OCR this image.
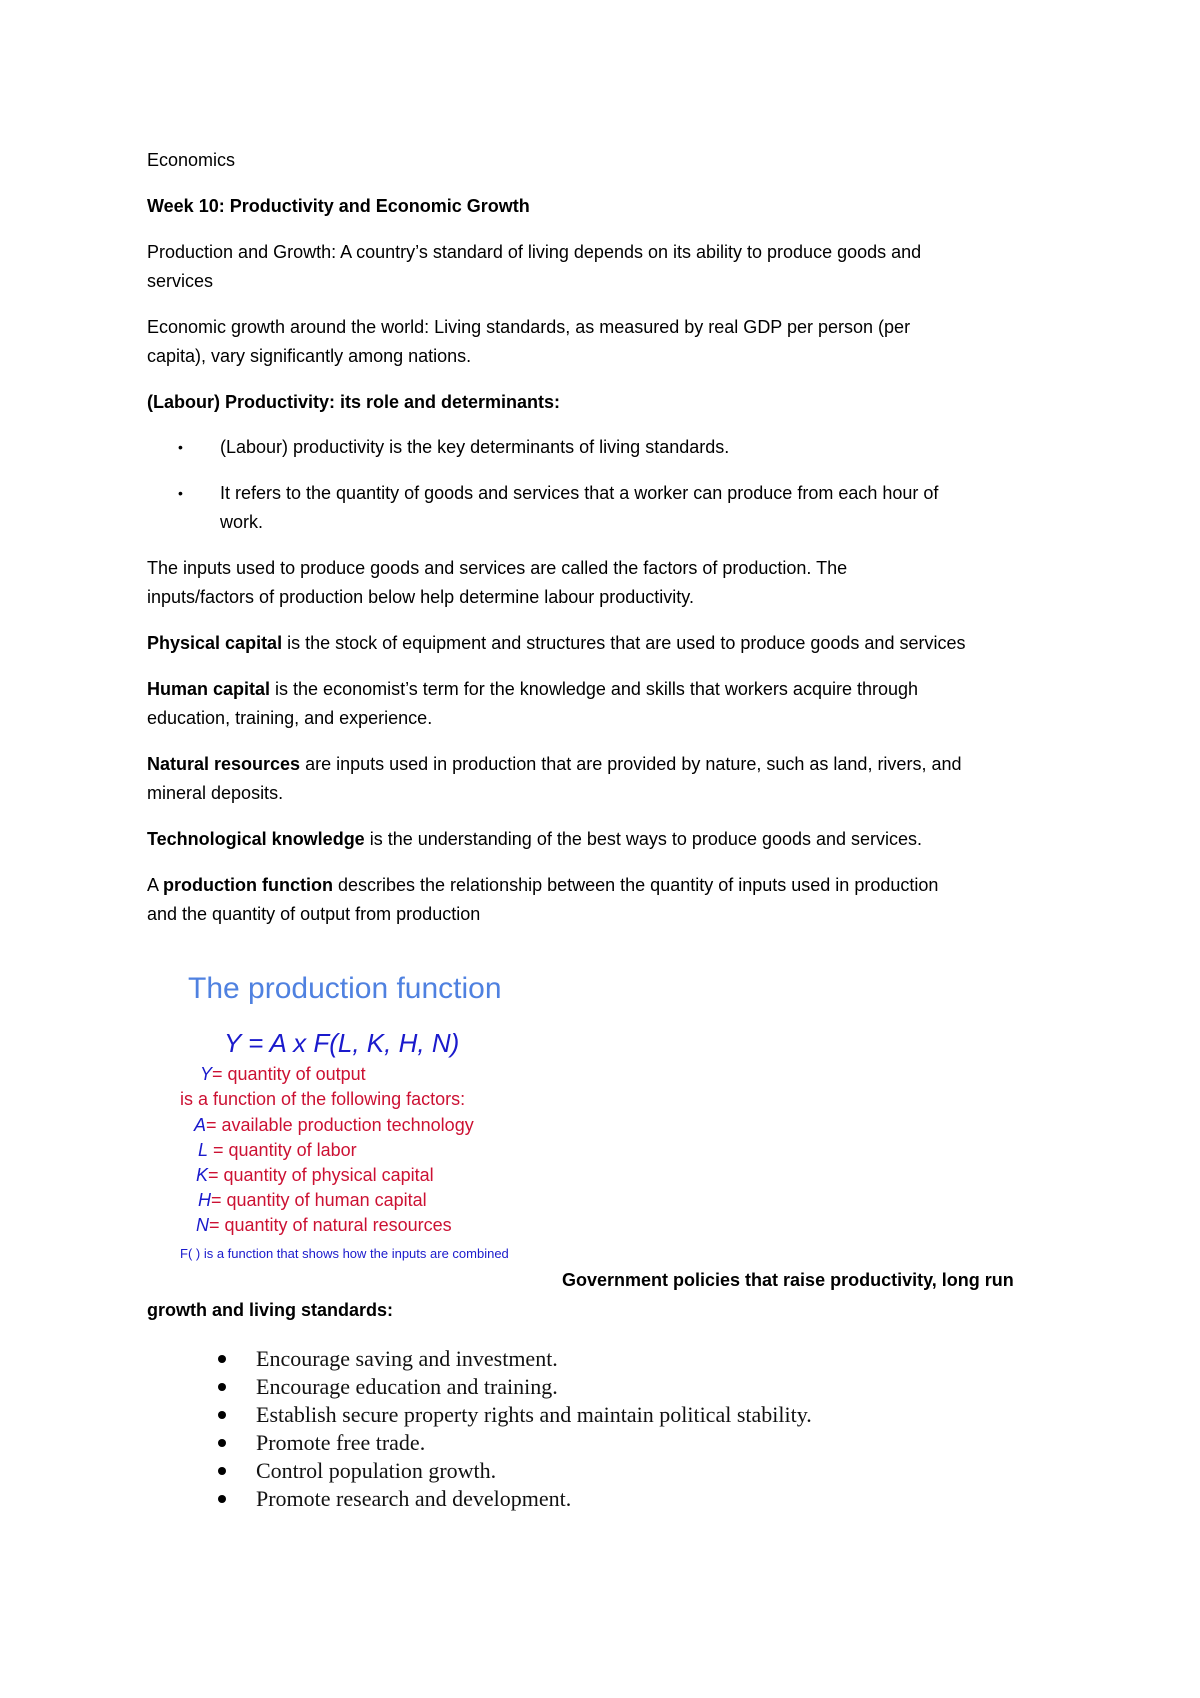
Economics
Week 10: Productivity and Economic Growth
Production and Growth: A country’s standard of living depends on its ability to produce goods and
services
Economic growth around the world: Living standards, as measured by real GDP per person (per
capita), vary significantly among nations.
(Labour) Productivity: its role and determinants:
• (Labour) productivity is the key determinants of living standards.
• It refers to the quantity of goods and services that a worker can produce from each hour of
work.
The inputs used to produce goods and services are called the factors of production. The
inputs/factors of production below help determine labour productivity.
Physical capital is the stock of equipment and structures that are used to produce goods and services
Human capital is the economist’s term for the knowledge and skills that workers acquire through
education, training, and experience.
Natural resources are inputs used in production that are provided by nature, such as land, rivers, and
mineral deposits.
Technological knowledge is the understanding of the best ways to produce goods and services.
A production function describes the relationship between the quantity of inputs used in production
and the quantity of output from production
The production function
Y = A x F(L, K, H, N)
Y= quantity of output
is a function of the following factors:
A= available production technology
L = quantity of labor
K= quantity of physical capital
H= quantity of human capital
N= quantity of natural resources
F( ) is a function that shows how the inputs are combined
Government policies that raise productivity, long run
growth and living standards:
Encourage saving and investment.
Encourage education and training.
Establish secure property rights and maintain political stability.
Promote free trade.
Control population growth.
Promote research and development.
